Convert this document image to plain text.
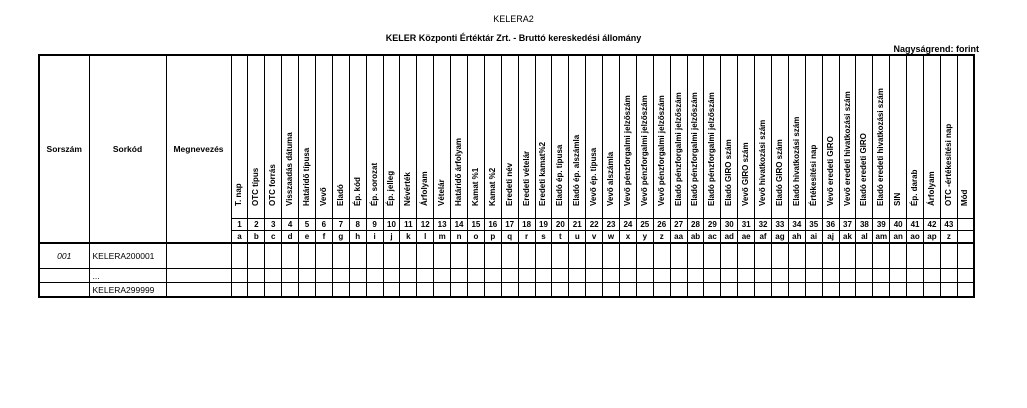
KELERA2
KELER Központi Értéktár Zrt. - Bruttó kereskedési állomány
Nagyságrend: forint
Sorszám	Sorkód	Megnevezés	T. nap	OTC típus	OTC forrás	Visszaadás dátuma	Határidő típusa	Vevő	Eladó	Ép. kód	Ép. sorozat	Ép. jelleg	Névérték	Árfolyam	Vételár	Határidő árfolyam	Kamat %1	Kamat %2	Eredeti név	Eredeti vételár	Eredeti kamat%2	Eladó ép. típusa	Eladó ép. alszámla	Vevő ép. típusa	Vevő alszámla	Vevő pénzforgalmi jelzőszám	Vevő pénzforgalmi jelzőszám	Vevő pénzforgalmi jelzőszám	Eladó pénzforgalmi jelzőszám	Eladó pénzforgalmi jelzőszám	Eladó pénzforgalmi jelzőszám	Eladó GIRO szám	Vevő GIRO szám	Vevő hivatkozási szám	Eladó GIRO szám	Eladó hivatkozási szám	Értékesítési nap	Vevő eredeti GIRO	Vevő eredeti hivatkozási szám	Eladó eredeti GIRO	Eladó eredeti hivatkozási szám	SIN	Ép. darab	Árfolyam	OTC -értékesítési nap	Mód

			1	2	3	4	5	6	7	8	9	10	11	12	13	14	15	16	17	18	19	20	21	22	23	24	25	26	27	28	29	30	31	32	33	34	35	36	37	38	39	40	41	42	43	
			a	b	c	d	e	f	g	h	i	j	k	l	m	n	o	p	q	r	s	t	u	v	w	x	y	z	aa	ab	ac	ad	ae	af	ag	ah	ai	aj	ak	al	am	an	ao	ap	z	
001	KELERA200001																																													
	...																																													
	KELERA299999																																													
